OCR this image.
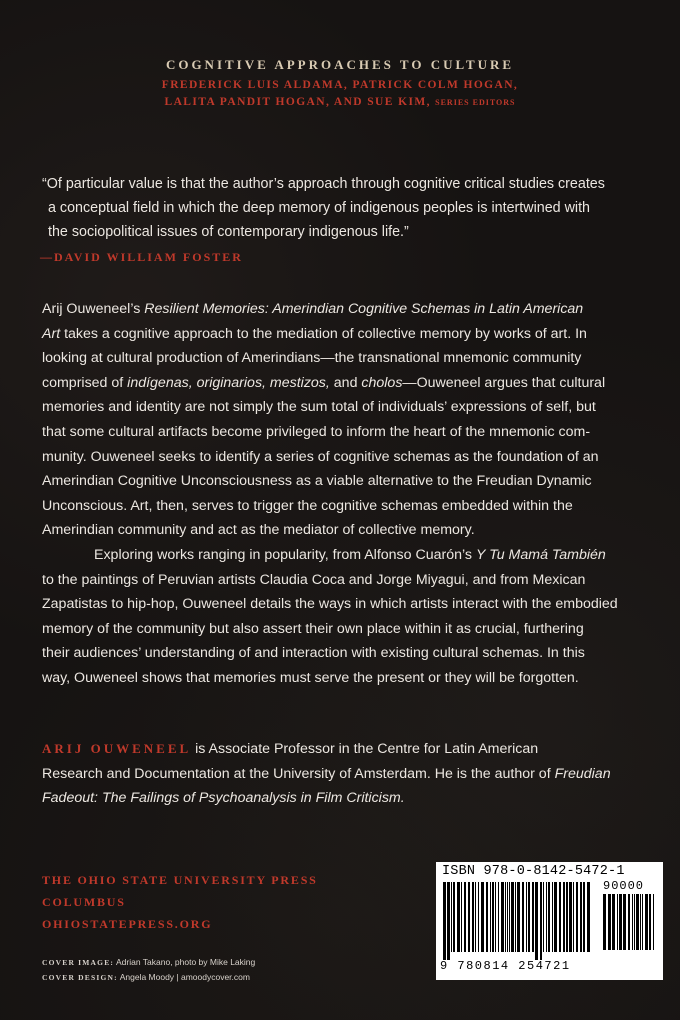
COGNITIVE APPROACHES TO CULTURE
FREDERICK LUIS ALDAMA, PATRICK COLM HOGAN,
LALITA PANDIT HOGAN, AND SUE KIM, SERIES EDITORS
“Of particular value is that the author’s approach through cognitive critical studies creates
a conceptual field in which the deep memory of indigenous peoples is intertwined with
the sociopolitical issues of contemporary indigenous life.”
—DAVID WILLIAM FOSTER
Arij Ouweneel’s Resilient Memories: Amerindian Cognitive Schemas in Latin American
Art takes a cognitive approach to the mediation of collective memory by works of art. In
looking at cultural production of Amerindians—the transnational mnemonic community
comprised of indígenas, originarios, mestizos, and cholos—Ouweneel argues that cultural
memories and identity are not simply the sum total of individuals’ expressions of self, but
that some cultural artifacts become privileged to inform the heart of the mnemonic com-
munity. Ouweneel seeks to identify a series of cognitive schemas as the foundation of an
Amerindian Cognitive Unconsciousness as a viable alternative to the Freudian Dynamic
Unconscious. Art, then, serves to trigger the cognitive schemas embedded within the
Amerindian community and act as the mediator of collective memory.
Exploring works ranging in popularity, from Alfonso Cuarón’s Y Tu Mamá También
to the paintings of Peruvian artists Claudia Coca and Jorge Miyagui, and from Mexican
Zapatistas to hip-hop, Ouweneel details the ways in which artists interact with the embodied
memory of the community but also assert their own place within it as crucial, furthering
their audiences’ understanding of and interaction with existing cultural schemas. In this
way, Ouweneel shows that memories must serve the present or they will be forgotten.
ARIJ OUWENEEL is Associate Professor in the Centre for Latin American
Research and Documentation at the University of Amsterdam. He is the author of Freudian
Fadeout: The Failings of Psychoanalysis in Film Criticism.
THE OHIO STATE UNIVERSITY PRESS
COLUMBUS
OHIOSTATEPRESS.ORG
COVER IMAGE: Adrian Takano, photo by Mike Laking
COVER DESIGN: Angela Moody | amoodycover.com
ISBN 978-0-8142-5472-1
90000
9 780814 254721
